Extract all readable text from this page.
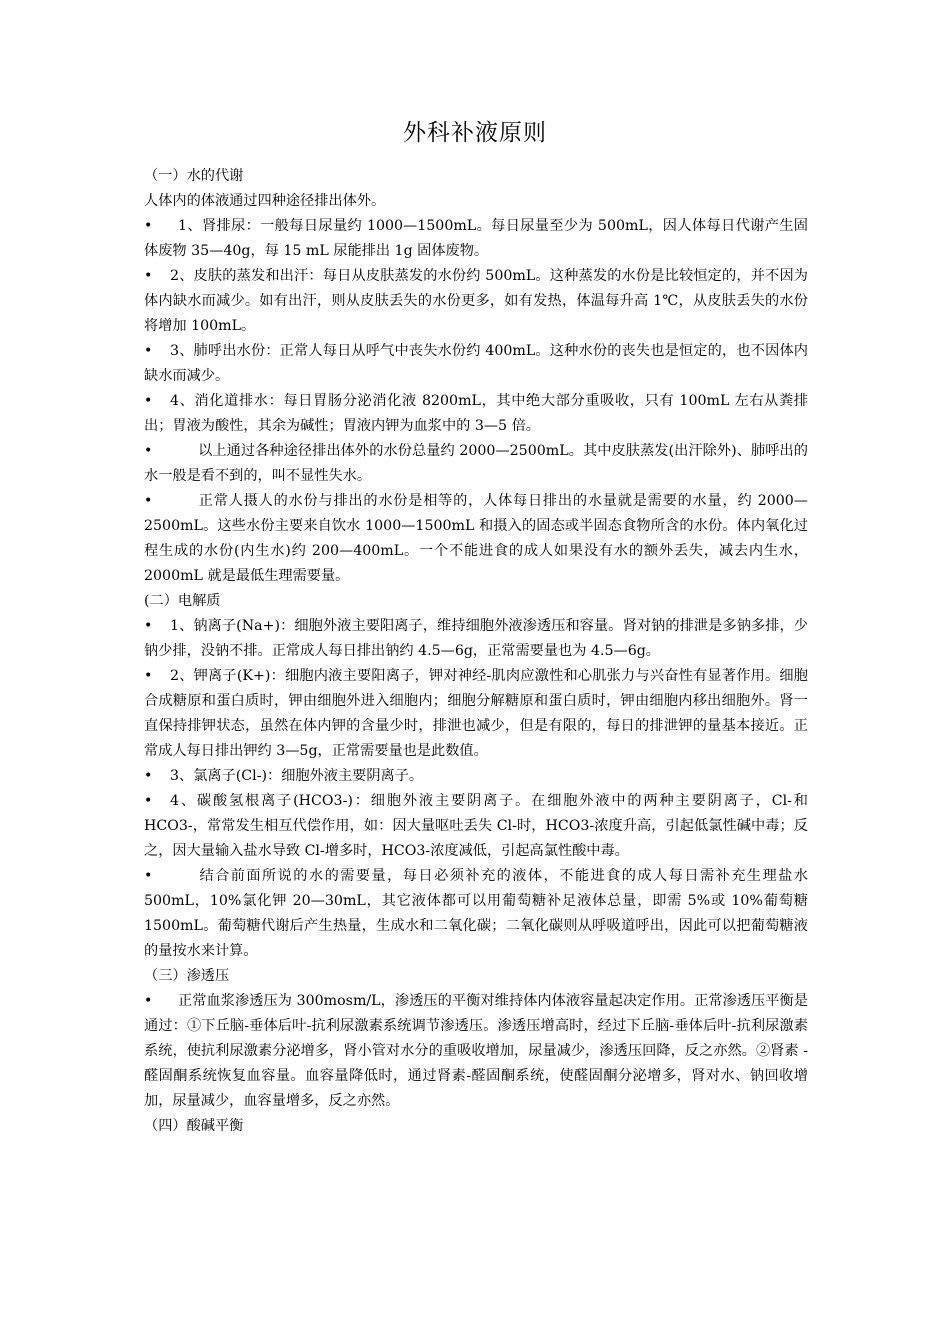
外科补液原则

（一）水的代谢

人体内的体液通过四种途径排出体外。

• 1、肾排尿：一般每日尿量约 1000—1500mL。每日尿量至少为 500mL，因人体每日代谢产生固体废物 35—40g，每 15 mL 尿能排出 1g 固体废物。

• 2、皮肤的蒸发和出汗：每日从皮肤蒸发的水份约 500mL。这种蒸发的水份是比较恒定的，并不因为体内缺水而减少。如有出汗，则从皮肤丢失的水份更多，如有发热，体温每升高 1℃，从皮肤丢失的水份将增加 100mL。

• 3、肺呼出水份：正常人每日从呼气中丧失水份约 400mL。这种水份的丧失也是恒定的，也不因体内缺水而减少。

• 4、消化道排水：每日胃肠分泌消化液 8200mL，其中绝大部分重吸收，只有 100mL 左右从粪排出；胃液为酸性，其余为碱性；胃液内钾为血浆中的 3—5 倍。

•	以上通过各种途径排出体外的水份总量约 2000—2500mL。其中皮肤蒸发(出汗除外)、肺呼出的水一般是看不到的，叫不显性失水。

•	正常人摄人的水份与排出的水份是相等的，人体每日排出的水量就是需要的水量，约 2000—2500mL。这些水份主要来自饮水 1000—1500mL 和摄入的固态或半固态食物所含的水份。体内氧化过程生成的水份(内生水)约 200—400mL。一个不能进食的成人如果没有水的额外丢失，减去内生水，2000mL 就是最低生理需要量。

(二）电解质

• 1、钠离子(Na+)：细胞外液主要阳离子，维持细胞外液渗透压和容量。肾对钠的排泄是多钠多排，少钠少排，没钠不排。正常成人每日排出钠约 4.5—6g，正常需要量也为 4.5—6g。

• 2、钾离子(K+)：细胞内液主要阳离子，钾对神经-肌肉应激性和心肌张力与兴奋性有显著作用。细胞合成糖原和蛋白质时，钾由细胞外进入细胞内；细胞分解糖原和蛋白质时，钾由细胞内移出细胞外。肾一直保持排钾状态，虽然在体内钾的含量少时，排泄也减少，但是有限的，每日的排泄钾的量基本接近。正常成人每日排出钾约 3—5g，正常需要量也是此数值。

• 3、氯离子(Cl-)：细胞外液主要阴离子。

• 4、碳酸氢根离子(HCO3-)：细胞外液主要阴离子。在细胞外液中的两种主要阴离子，Cl-和 HCO3-，常常发生相互代偿作用，如：因大量呕吐丢失 Cl-时，HCO3-浓度升高，引起低氯性碱中毒；反之，因大量输入盐水导致 Cl-增多时，HCO3-浓度减低，引起高氯性酸中毒。

•	结合前面所说的水的需要量，每日必须补充的液体，不能进食的成人每日需补充生理盐水 500mL，10%氯化钾 20—30mL，其它液体都可以用葡萄糖补足液体总量，即需 5%或 10%葡萄糖 1500mL。葡萄糖代谢后产生热量，生成水和二氧化碳；二氧化碳则从呼吸道呼出，因此可以把葡萄糖液的量按水来计算。

（三）渗透压

• 正常血浆渗透压为 300mosm/L，渗透压的平衡对维持体内体液容量起决定作用。正常渗透压平衡是通过：①下丘脑-垂体后叶-抗利尿激素系统调节渗透压。渗透压增高时，经过下丘脑-垂体后叶-抗利尿激素系统，使抗利尿激素分泌增多，肾小管对水分的重吸收增加，尿量减少，渗透压回降，反之亦然。②肾素 -醛固酮系统恢复血容量。血容量降低时，通过肾素-醛固酮系统，使醛固酮分泌增多，肾对水、钠回收增加，尿量减少，血容量增多，反之亦然。

（四）酸碱平衡
